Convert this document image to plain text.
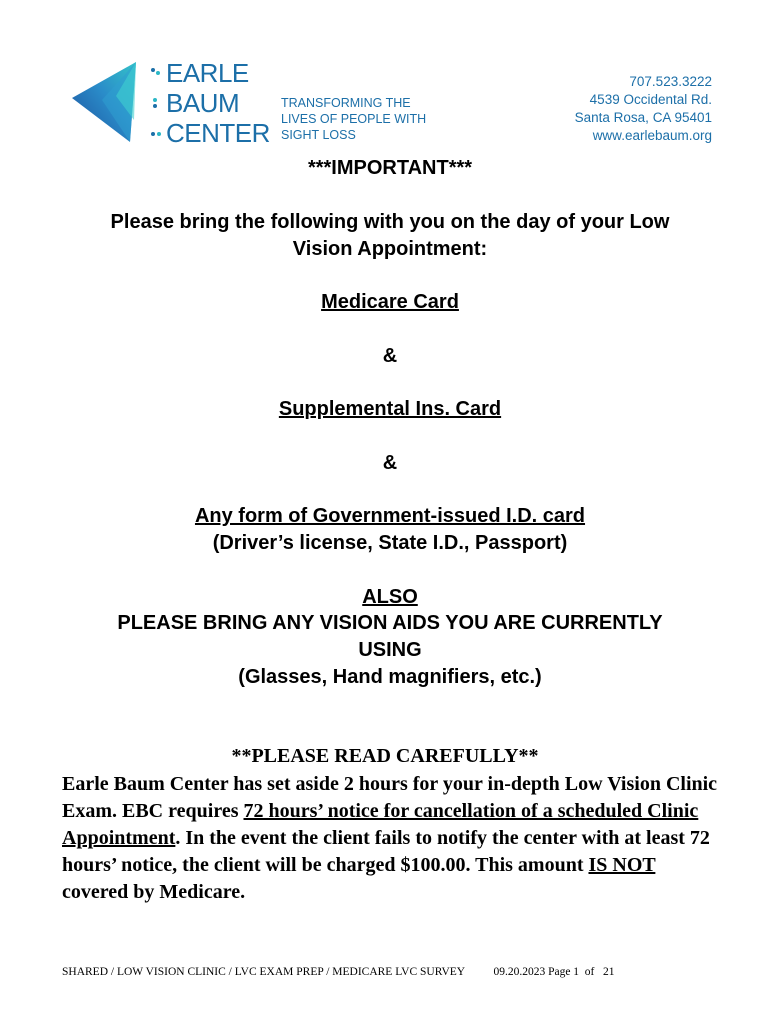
EARLE
BAUM
CENTER
TRANSFORMING THE
LIVES OF PEOPLE WITH
SIGHT LOSS
707.523.3222
4539 Occidental Rd.
Santa Rosa, CA 95401
www.earlebaum.org
***IMPORTANT***
Please bring the following with you on the day of your Low
Vision Appointment:
Medicare Card
&
Supplemental Ins. Card
&
Any form of Government-issued I.D. card
(Driver’s license, State I.D., Passport)
ALSO
PLEASE BRING ANY VISION AIDS YOU ARE CURRENTLY
USING
(Glasses, Hand magnifiers, etc.)
**PLEASE READ CAREFULLY**
Earle Baum Center has set aside 2 hours for your in-depth Low Vision Clinic Exam. EBC requires 72 hours’ notice for cancellation of a scheduled Clinic Appointment. In the event the client fails to notify the center with at least 72 hours’ notice, the client will be charged $100.00. This amount IS NOT covered by Medicare.
SHARED / LOW VISION CLINIC / LVC EXAM PREP / MEDICARE LVC SURVEY	09.20.2023 Page 1  of   21
